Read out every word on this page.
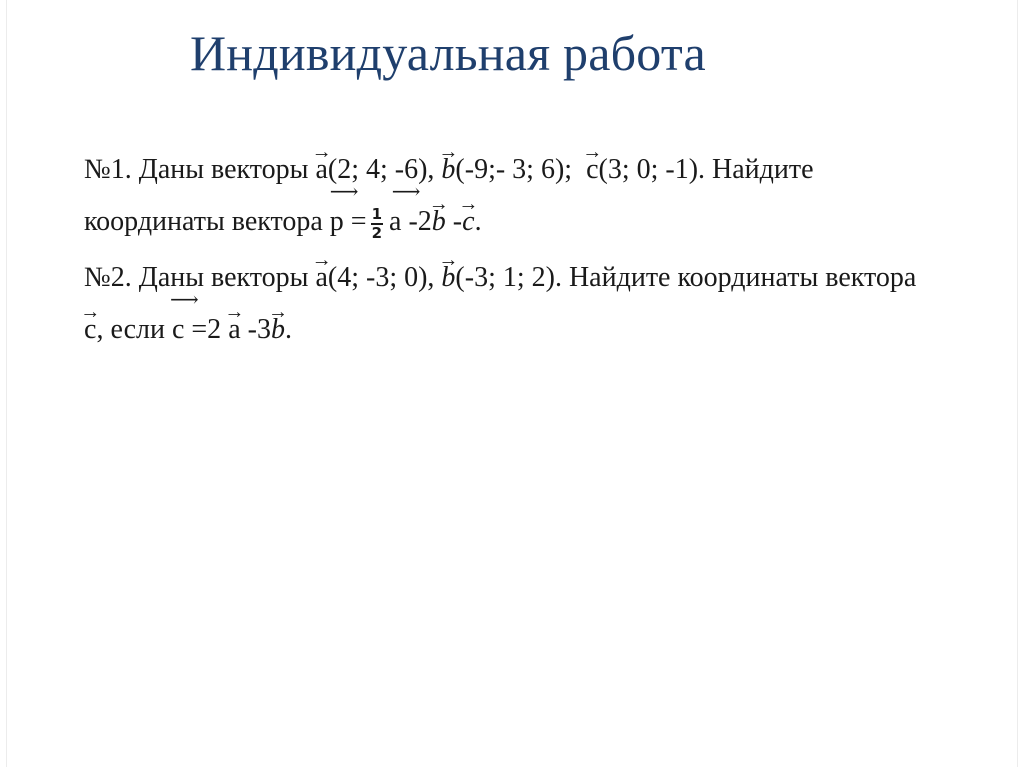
Индивидуальная работа
№1. Даны векторы
→
a(2; 4; -6),
→
b(-9;- 3; 6);
→
c(3; 0; -1). Найдите
координаты вектора
⟶ ⟶
$p = \frac{1}{2}$ a -2
→
b -
→
c.
№2. Даны векторы
→
a(4; -3; 0),
→
b(-3; 1; 2). Найдите координаты вектора
→
c, если
⟶
c =2
→
a -3
→
b.
